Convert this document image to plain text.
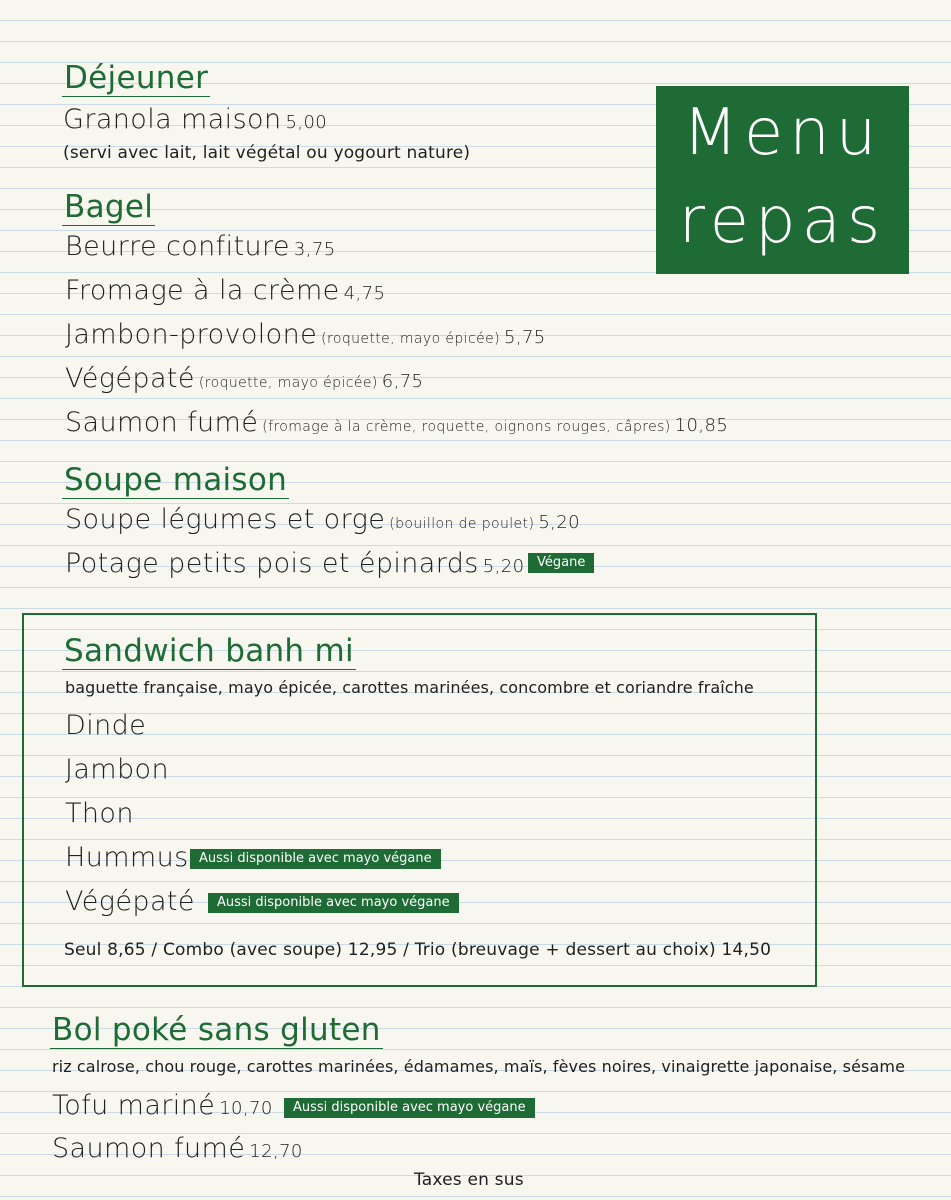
Menu
repas
Déjeuner
Granola maison 5,00
(servi avec lait, lait végétal ou yogourt nature)
Bagel
Beurre confiture 3,75
Fromage à la crème 4,75
Jambon-provolone (roquette, mayo épicée) 5,75
Végépaté (roquette, mayo épicée) 6,75
Saumon fumé (fromage à la crème, roquette, oignons rouges, câpres) 10,85
Soupe maison
Soupe légumes et orge (bouillon de poulet) 5,20
Potage petits pois et épinards 5,20 Végane
Sandwich banh mi
baguette française, mayo épicée, carottes marinées, concombre et coriandre fraîche
Dinde
Jambon
Thon
Hummus Aussi disponible avec mayo végane
Végépaté	Aussi disponible avec mayo végane
Seul 8,65 / Combo (avec soupe) 12,95 / Trio (breuvage + dessert au choix) 14,50
Bol poké sans gluten
riz calrose, chou rouge, carottes marinées, édamames, maïs, fèves noires, vinaigrette japonaise, sésame
Tofu mariné 10,70	Aussi disponible avec mayo végane
Saumon fumé 12,70
Taxes en sus
